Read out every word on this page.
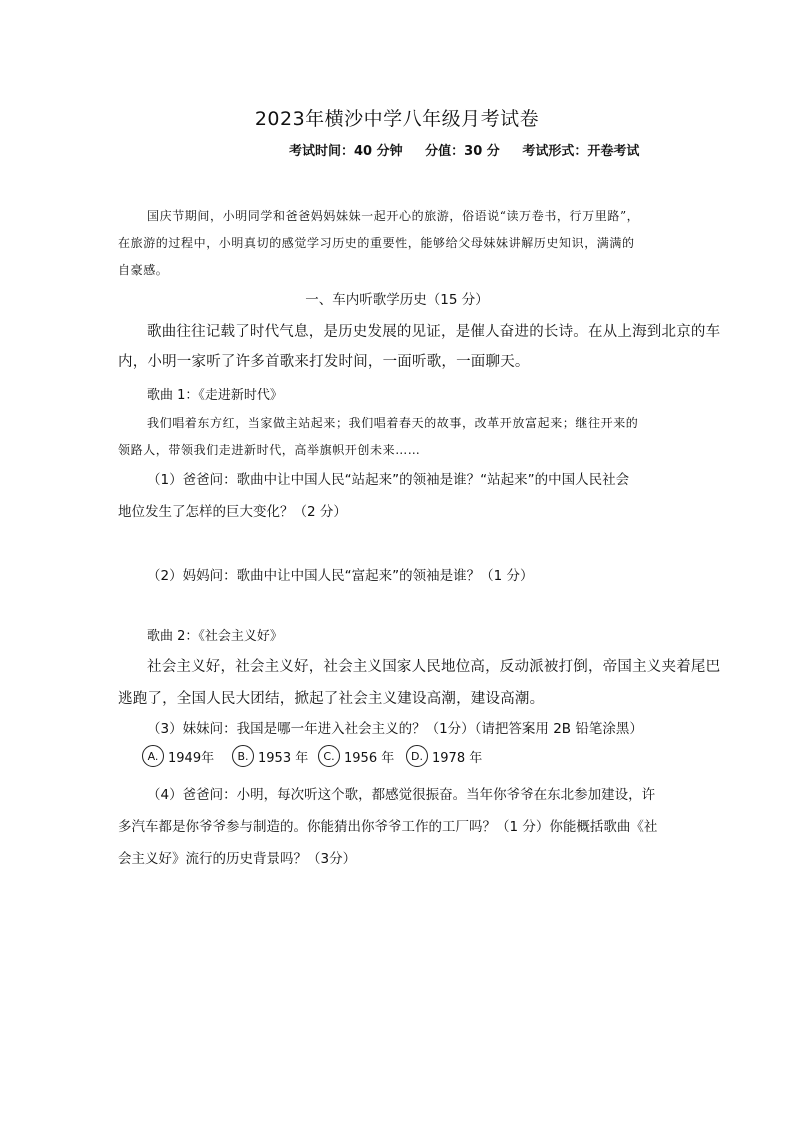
2023年横沙中学八年级月考试卷
考试时间：40 分钟 分值：30 分 考试形式：开卷考试
国庆节期间，小明同学和爸爸妈妈妹妹一起开心的旅游，俗语说“读万卷书，行万里路”，
在旅游的过程中，小明真切的感觉学习历史的重要性，能够给父母妹妹讲解历史知识，满满的
自豪感。
一、车内听歌学历史（15 分）
歌曲往往记载了时代气息，是历史发展的见证，是催人奋进的长诗。在从上海到北京的车
内，小明一家听了许多首歌来打发时间，一面听歌，一面聊天。
歌曲 1：《走进新时代》
我们唱着东方红，当家做主站起来；我们唱着春天的故事，改革开放富起来；继往开来的
领路人，带领我们走进新时代，高举旗帜开创未来……
（1）爸爸问：歌曲中让中国人民“站起来”的领袖是谁？“站起来”的中国人民社会
地位发生了怎样的巨大变化？（2 分）
（2）妈妈问：歌曲中让中国人民“富起来”的领袖是谁？（1 分）
歌曲 2：《社会主义好》
社会主义好，社会主义好，社会主义国家人民地位高，反动派被打倒，帝国主义夹着尾巴
逃跑了，全国人民大团结，掀起了社会主义建设高潮，建设高潮。
（3）妹妹问：我国是哪一年进入社会主义的？（1分）（请把答案用 2B 铅笔涂黑）
A. 1949年	B. 1953 年	C. 1956 年	D. 1978 年
（4）爸爸问：小明，每次听这个歌，都感觉很振奋。当年你爷爷在东北参加建设，许
多汽车都是你爷爷参与制造的。你能猜出你爷爷工作的工厂吗？（1 分）你能概括歌曲《社
会主义好》流行的历史背景吗？（3分）
